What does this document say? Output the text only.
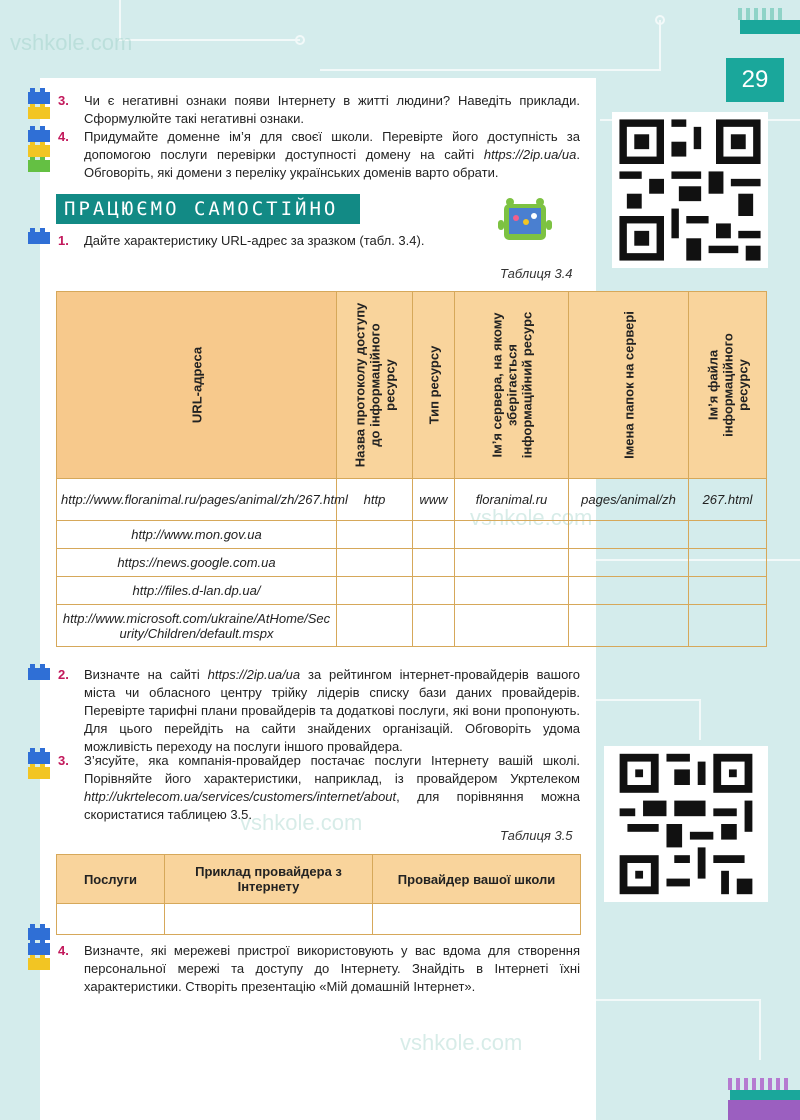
vshkole.com
vshkole.com
vshkole.com
vshkole.com
29
3. Чи є негативні ознаки появи Інтернету в житті людини? Наведіть приклади. Сформулюйте такі негативні ознаки.
4. Придумайте доменне ім’я для своєї школи. Перевірте його доступність за допомогою послуги перевірки доступності домену на сайті https://2ip.ua/ua. Обговоріть, які домени з переліку українських доменів варто обрати.
ПРАЦЮЄМО САМОСТІЙНО
1. Дайте характеристику URL-адрес за зразком (табл. 3.4).
Таблиця 3.4
URL-адреса	Назва протоколу доступу до інформаційного ресурсу	Тип ресурсу	Ім’я сервера, на якому зберігається інформаційний ресурс	Імена папок на сервері	Ім’я файла інформаційного ресурсу

http://www.floranimal.ru/pages/animal/zh/267.html	http	www	floranimal.ru	pages/animal/zh	267.html
http://www.mon.gov.ua					
https://news.google.com.ua					
http://files.d-lan.dp.ua/					
http://www.microsoft.com/ukraine/AtHome/Security/Children/default.mspx					
2. Визначте на сайті https://2ip.ua/ua за рейтингом інтернет-провайдерів вашого міста чи обласного центру трійку лідерів списку бази даних провайдерів. Перевірте тарифні плани провайдерів та додаткові послуги, які вони пропонують. Для цього перейдіть на сайти знайдених організацій. Обговоріть удома можливість переходу на послуги іншого провайдера.
3. З’ясуйте, яка компанія-провайдер постачає послуги Інтернету вашій школі. Порівняйте його характеристики, наприклад, із провайдером Укртелеком http://ukrtelecom.ua/services/customers/internet/about, для порівняння можна скористатися таблицею 3.5.
Таблиця 3.5
Послуги	Приклад провайдера з Інтернету	Провайдер вашої школи

4. Визначте, які мережеві пристрої використовують у вас вдома для створення персональної мережі та доступу до Інтернету. Знайдіть в Інтернеті їхні характеристики. Створіть презентацію «Мій домашній Інтернет».
